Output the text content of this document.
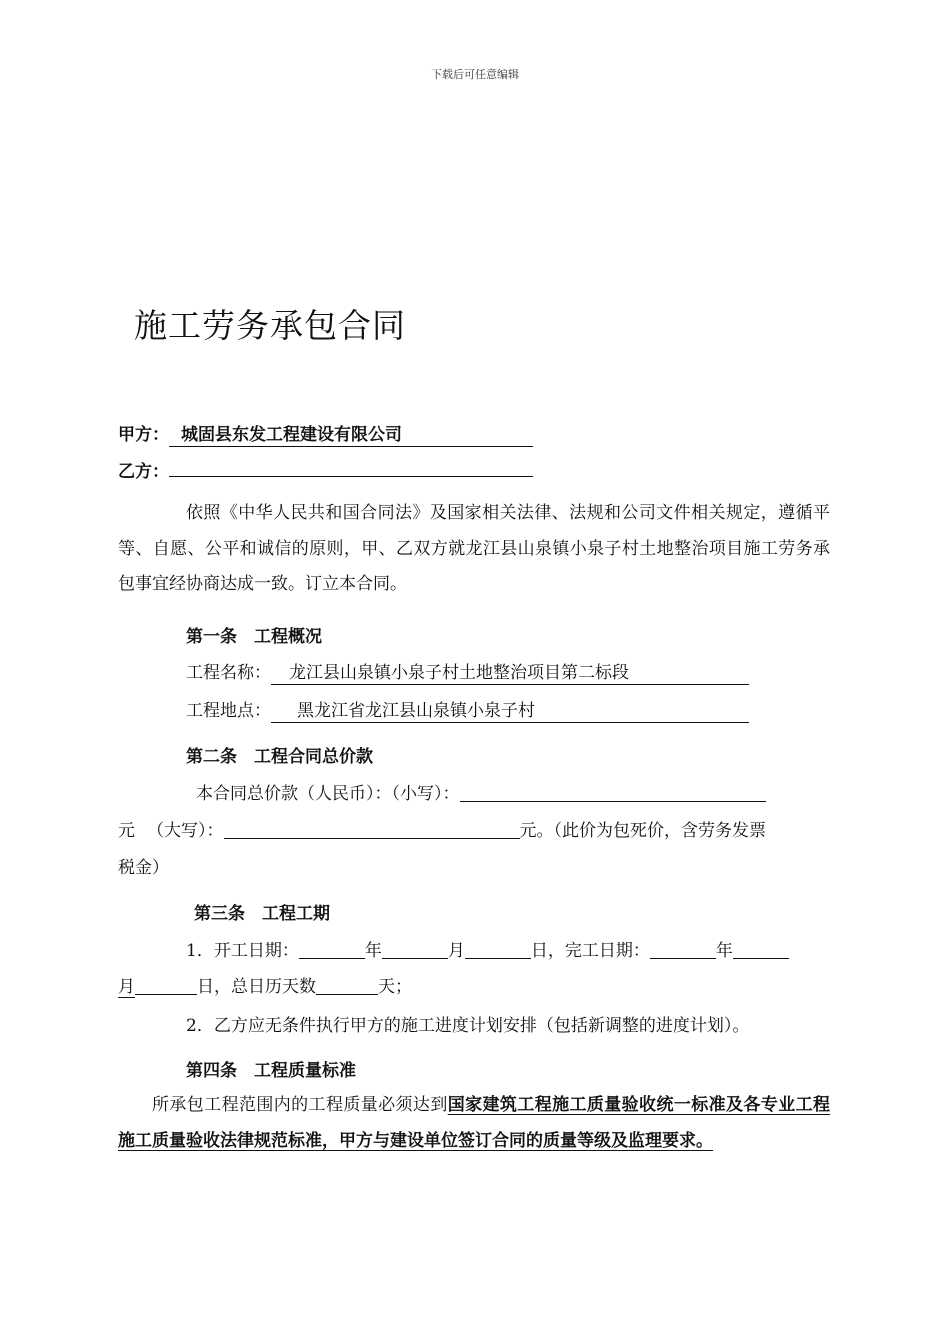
下载后可任意编辑
施工劳务承包合同
甲方： 城固县东发工程建设有限公司
乙方：
依照《中华人民共和国合同法》及国家相关法律、法规和公司文件相关规定，遵循平等、自愿、公平和诚信的原则，甲、乙双方就龙江县山泉镇小泉子村土地整治项目施工劳务承包事宜经协商达成一致。订立本合同。
第一条　工程概况
工程名称： 龙江县山泉镇小泉子村土地整治项目第二标段
工程地点： 黑龙江省龙江县山泉镇小泉子村
第二条　工程合同总价款
本合同总价款（人民币）：（小写）：
元 （大写）：	元。（此价为包死价，含劳务发票
税金）
第三条　工程工期
1．开工日期：	年	月	日，完工日期：	年
月	日，总日历天数	天；
2．乙方应无条件执行甲方的施工进度计划安排（包括新调整的进度计划）。
第四条　工程质量标准
所承包工程范围内的工程质量必须达到国家建筑工程施工质量验收统一标准及各专业工程施工质量验收法律规范标准，甲方与建设单位签订合同的质量等级及监理要求。
